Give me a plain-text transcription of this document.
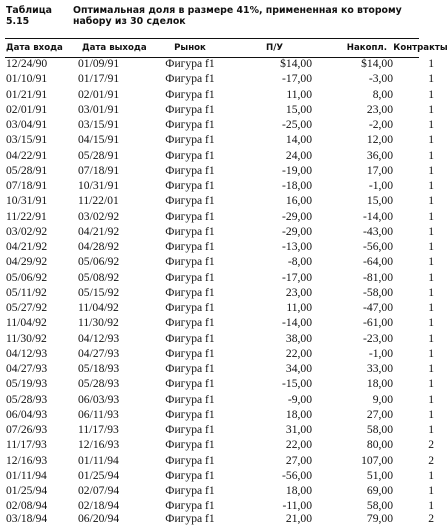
Таблица 5.15Оптимальная доля в размере 41%, примененная ко второму набору из 30 сделок
Дата входа	Дата выхода	Рынок	П/У	Накопл.	Контракты
12/24/90	01/09/91	Фигура f1	$14,00	$14,00	1
01/10/91	01/17/91	Фигура f1	-17,00	-3,00	1
01/21/91	02/01/91	Фигура f1	11,00	8,00	1
02/01/91	03/01/91	Фигура f1	15,00	23,00	1
03/04/91	03/15/91	Фигура f1	-25,00	-2,00	1
03/15/91	04/15/91	Фигура f1	14,00	12,00	1
04/22/91	05/28/91	Фигура f1	24,00	36,00	1
05/28/91	07/18/91	Фигура f1	-19,00	17,00	1
07/18/91	10/31/91	Фигура f1	-18,00	-1,00	1
10/31/91	11/22/01	Фигура f1	16,00	15,00	1
11/22/91	03/02/92	Фигура f1	-29,00	-14,00	1
03/02/92	04/21/92	Фигура f1	-29,00	-43,00	1
04/21/92	04/28/92	Фигура f1	-13,00	-56,00	1
04/29/92	05/06/92	Фигура f1	-8,00	-64,00	1
05/06/92	05/08/92	Фигура f1	-17,00	-81,00	1
05/11/92	05/15/92	Фигура f1	23,00	-58,00	1
05/27/92	11/04/92	Фигура f1	11,00	-47,00	1
11/04/92	11/30/92	Фигура f1	-14,00	-61,00	1
11/30/92	04/12/93	Фигура f1	38,00	-23,00	1
04/12/93	04/27/93	Фигура f1	22,00	-1,00	1
04/27/93	05/18/93	Фигура f1	34,00	33,00	1
05/19/93	05/28/93	Фигура f1	-15,00	18,00	1
05/28/93	06/03/93	Фигура f1	-9,00	9,00	1
06/04/93	06/11/93	Фигура f1	18,00	27,00	1
07/26/93	11/17/93	Фигура f1	31,00	58,00	1
11/17/93	12/16/93	Фигура f1	22,00	80,00	2
12/16/93	01/11/94	Фигура f1	27,00	107,00	2
01/11/94	01/25/94	Фигура f1	-56,00	51,00	1
01/25/94	02/07/94	Фигура f1	18,00	69,00	1
02/08/94	02/18/94	Фигура f1	-11,00	58,00	1
03/18/94	06/20/94	Фигура f1	21,00	79,00	2
